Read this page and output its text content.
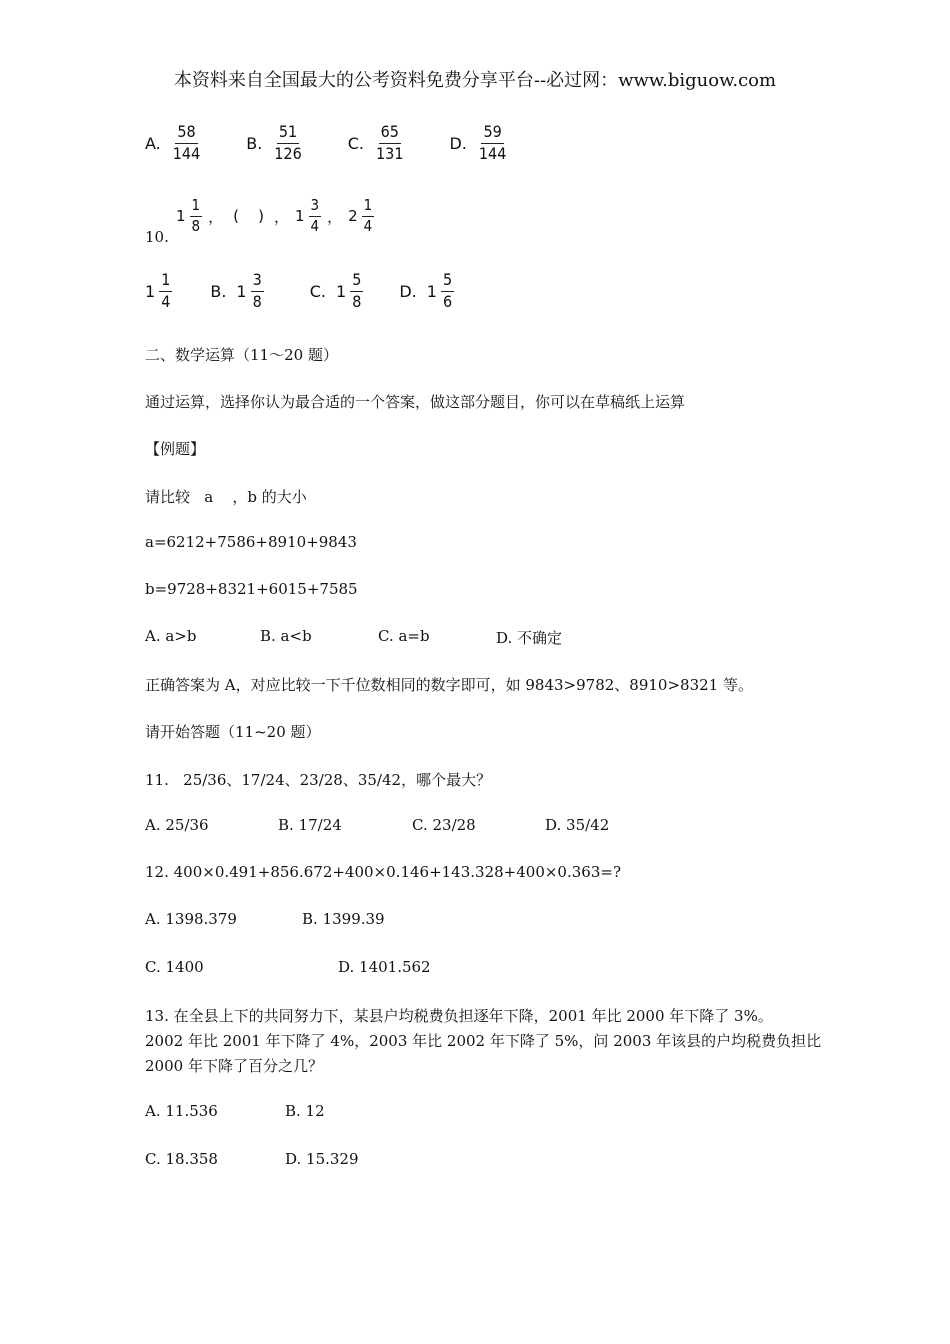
本资料来自全国最大的公考资料免费分享平台--必过网：www.biguow.com
A. $\frac{58}{144}$	B. $\frac{51}{126}$	C. $\frac{65}{131}$	D. $\frac{59}{144}$
10.
$1 \frac{1}{8}$ ， (    ) ， $1 \frac{3}{4}$ ， $2 \frac{1}{4}$
$1 \frac{1}{4} B$. $1 \frac{3}{8}$	C. $1 \frac{5}{8} D$. $1 \frac{5}{6}$
二、数学运算（11～20 题）
通过运算，选择你认为最合适的一个答案，做这部分题目，你可以在草稿纸上运算
【例题】
请比较   a    ，b 的大小
a=6212+7586+8910+9843
b=9728+8321+6015+7585
A. a>b	B. a<b	C. a=b	D. 不确定
正确答案为 A，对应比较一下千位数相同的数字即可，如 9843>9782、8910>8321 等。
请开始答题（11~20 题）
11.   25/36、17/24、23/28、35/42，哪个最大？
A. 25/36	B. 17/24	C. 23/28	D. 35/42
12. 400×0.491+856.672+400×0.146+143.328+400×0.363=?
A. 1398.379	B. 1399.39
C. 1400	D. 1401.562
13. 在全县上下的共同努力下，某县户均税费负担逐年下降，2001 年比 2000 年下降了 3%。
2002 年比 2001 年下降了 4%，2003 年比 2002 年下降了 5%，问 2003 年该县的户均税费负担比
2000 年下降了百分之几？
A. 11.536	B. 12
C. 18.358	D. 15.329
